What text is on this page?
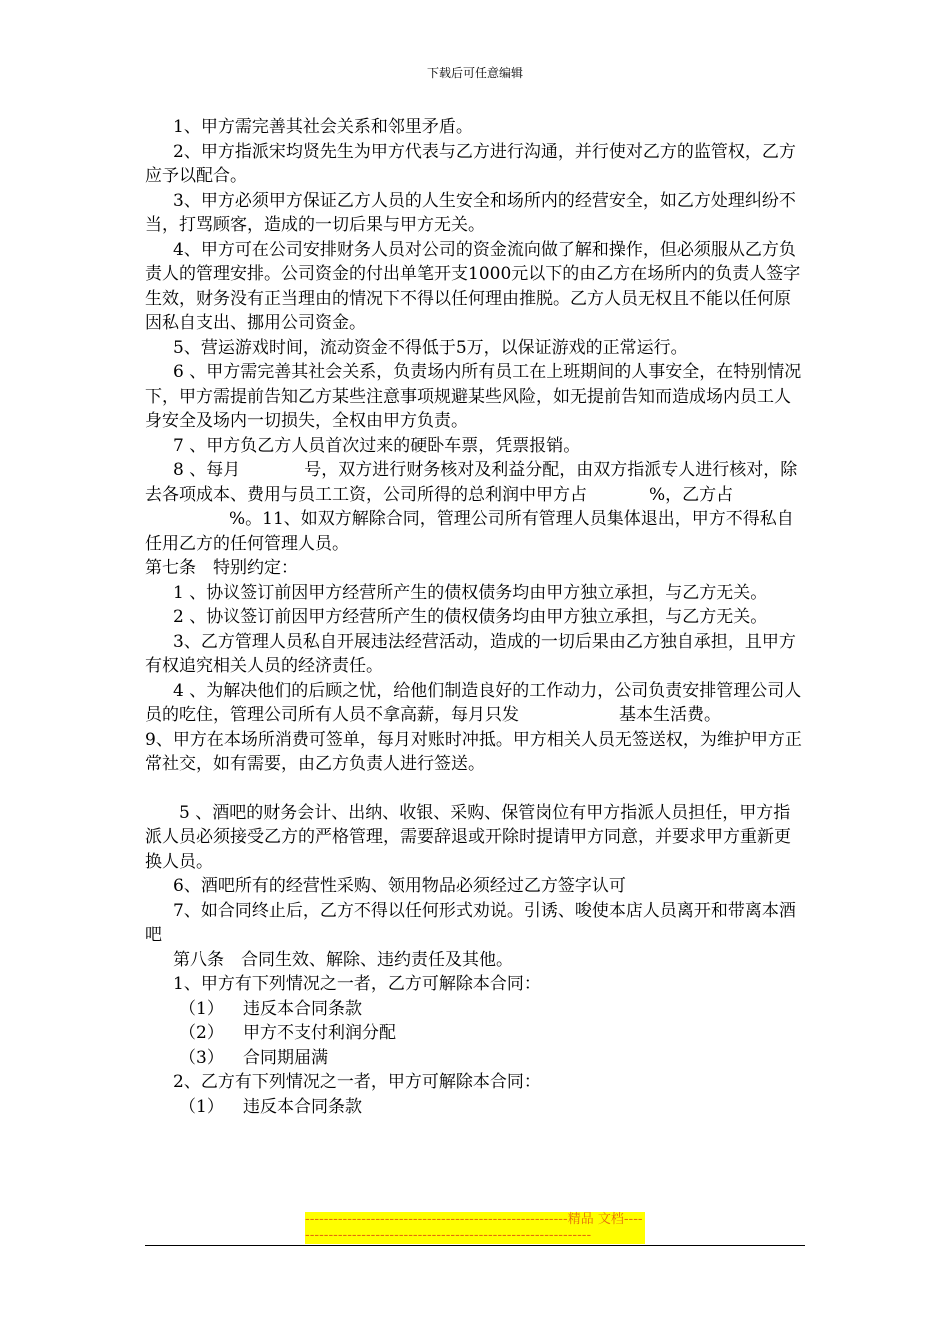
下载后可任意编辑

1、甲方需完善其社会关系和邻里矛盾。

2、甲方指派宋均贤先生为甲方代表与乙方进行沟通，并行使对乙方的监管权，乙方应予以配合。

3、甲方必须甲方保证乙方人员的人生安全和场所内的经营安全，如乙方处理纠纷不当，打骂顾客，造成的一切后果与甲方无关。

4、甲方可在公司安排财务人员对公司的资金流向做了解和操作，但必须服从乙方负责人的管理安排。公司资金的付出单笔开支1000元以下的由乙方在场所内的负责人签字生效，财务没有正当理由的情况下不得以任何理由推脱。乙方人员无权且不能以任何原因私自支出、挪用公司资金。

5、营运游戏时间，流动资金不得低于5万，以保证游戏的正常运行。

6 、甲方需完善其社会关系，负责场内所有员工在上班期间的人事安全，在特别情况下，甲方需提前告知乙方某些注意事项规避某些风险，如无提前告知而造成场内员工人身安全及场内一切损失，全权由甲方负责。

7 、甲方负乙方人员首次过来的硬卧车票，凭票报销。

8 、每月	号，双方进行财务核对及利益分配，由双方指派专人进行核对，除去各项成本、费用与员工工资，公司所得的总利润中甲方占	%，乙方占%。11、如双方解除合同，管理公司所有管理人员集体退出，甲方不得私自任用乙方的任何管理人员。

第七条　特别约定：

1 、协议签订前因甲方经营所产生的债权债务均由甲方独立承担，与乙方无关。

2 、协议签订前因甲方经营所产生的债权债务均由甲方独立承担，与乙方无关。

3、乙方管理人员私自开展违法经营活动，造成的一切后果由乙方独自承担，且甲方有权追究相关人员的经济责任。

4 、为解决他们的后顾之忧，给他们制造良好的工作动力，公司负责安排管理公司人员的吃住，管理公司所有人员不拿高薪，每月只发	基本生活费。

9、甲方在本场所消费可签单，每月对账时冲抵。甲方相关人员无签送权，为维护甲方正常社交，如有需要，由乙方负责人进行签送。

5 、酒吧的财务会计、出纳、收银、采购、保管岗位有甲方指派人员担任，甲方指派人员必须接受乙方的严格管理，需要辞退或开除时提请甲方同意，并要求甲方重新更换人员。

6、酒吧所有的经营性采购、领用物品必须经过乙方签字认可

7、如合同终止后，乙方不得以任何形式劝说。引诱、唆使本店人员离开和带离本酒吧

第八条　合同生效、解除、违约责任及其他。

1、甲方有下列情况之一者，乙方可解除本合同：

（1） 违反本合同条款

（2） 甲方不支付利润分配

（3） 合同期届满

2、乙方有下列情况之一者，甲方可解除本合同：

（1） 违反本合同条款

--------------------------------------------------------精品 文档-----------------------------------------------------------------
